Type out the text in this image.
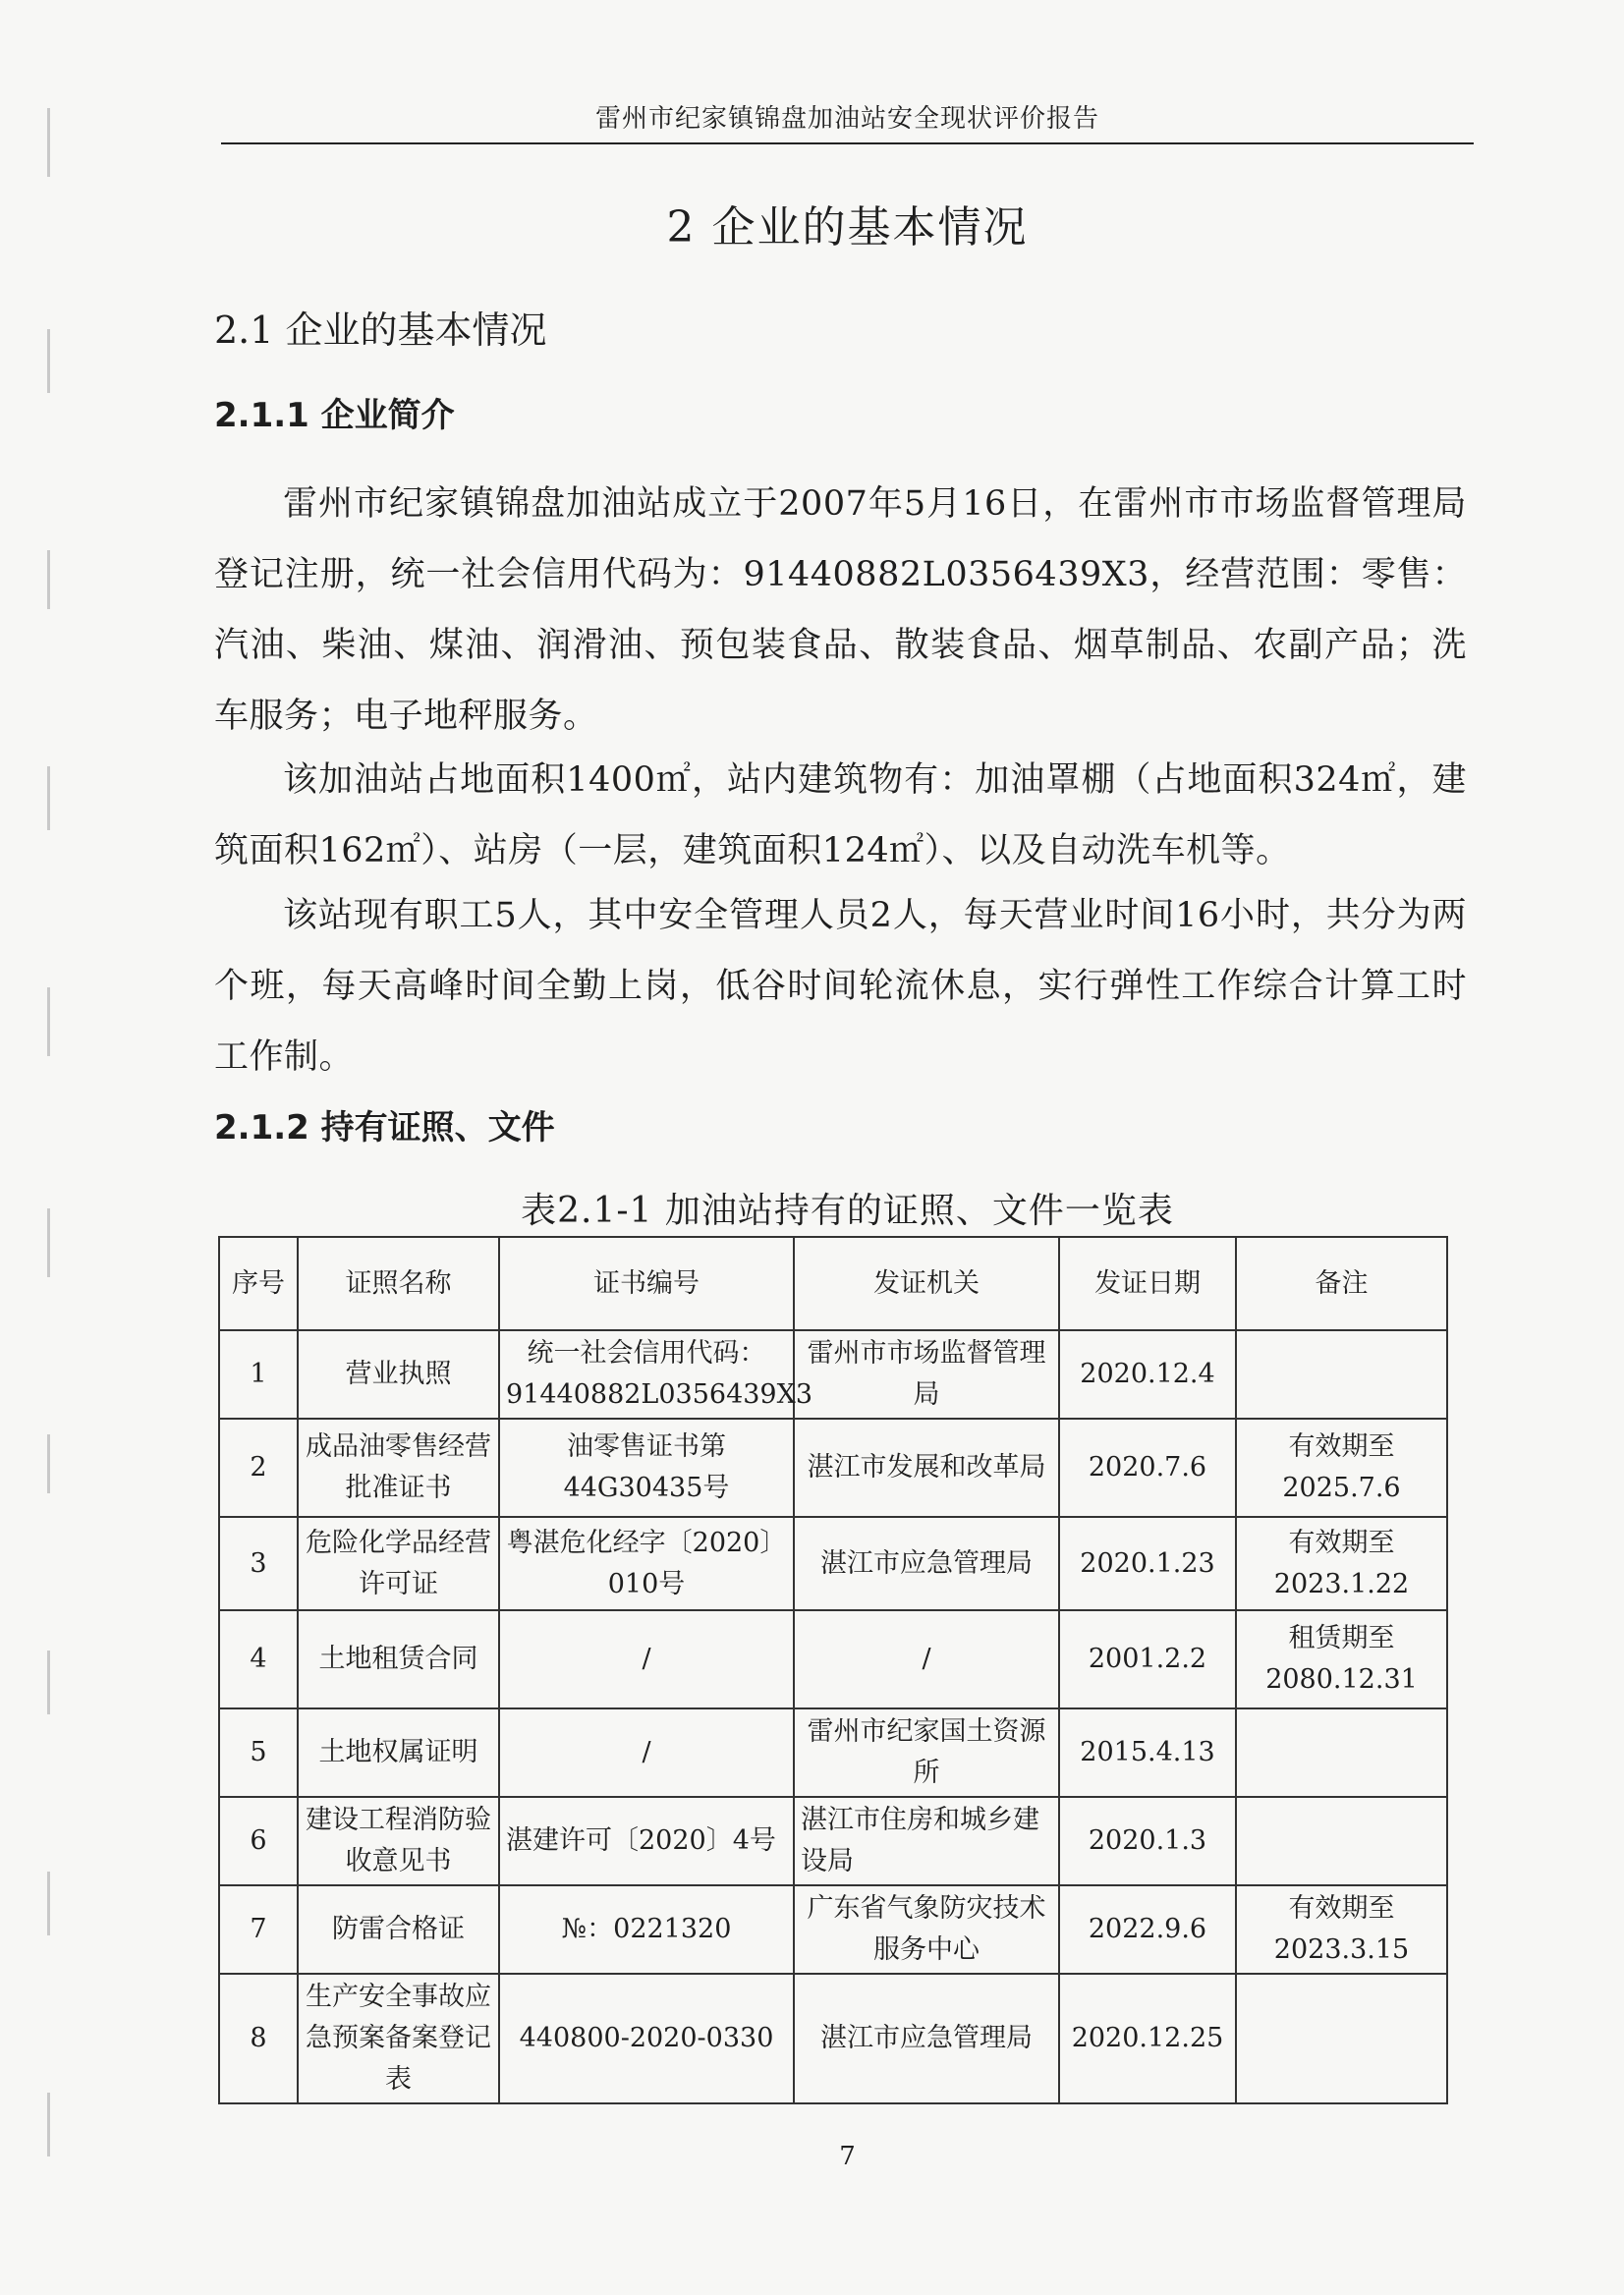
雷州市纪家镇锦盘加油站安全现状评价报告
2 企业的基本情况
2.1 企业的基本情况
2.1.1 企业简介

雷州市纪家镇锦盘加油站成立于2007年5月16日，在雷州市市场监督管理局登记注册，统一社会信用代码为：91440882L0356439X3，经营范围：零售：汽油、柴油、煤油、润滑油、预包装食品、散装食品、烟草制品、农副产品；洗车服务；电子地秤服务。

该加油站占地面积1400㎡，站内建筑物有：加油罩棚（占地面积324㎡，建筑面积162㎡）、站房（一层，建筑面积124㎡）、以及自动洗车机等。

该站现有职工5人，其中安全管理人员2人，每天营业时间16小时，共分为两个班，每天高峰时间全勤上岗，低谷时间轮流休息，实行弹性工作综合计算工时工作制。

2.1.2 持有证照、文件
表2.1-1 加油站持有的证照、文件一览表
序号	证照名称	证书编号	发证机关	发证日期	备注
1	营业执照	统一社会信用代码：91440882L0356439X3	雷州市市场监督管理局	2020.12.4	
2	成品油零售经营批准证书	油零售证书第44G30435号	湛江市发展和改革局	2020.7.6	有效期至2025.7.6
3	危险化学品经营许可证	粤湛危化经字〔2020〕010号	湛江市应急管理局	2020.1.23	有效期至2023.1.22
4	土地租赁合同	/	/	2001.2.2	租赁期至2080.12.31
5	土地权属证明	/	雷州市纪家国土资源所	2015.4.13	
6	建设工程消防验收意见书	湛建许可〔2020〕4号	湛江市住房和城乡建设局	2020.1.3	
7	防雷合格证	№：0221320	广东省气象防灾技术服务中心	2022.9.6	有效期至2023.3.15
8	生产安全事故应急预案备案登记表	440800-2020-0330	湛江市应急管理局	2020.12.25	
7
